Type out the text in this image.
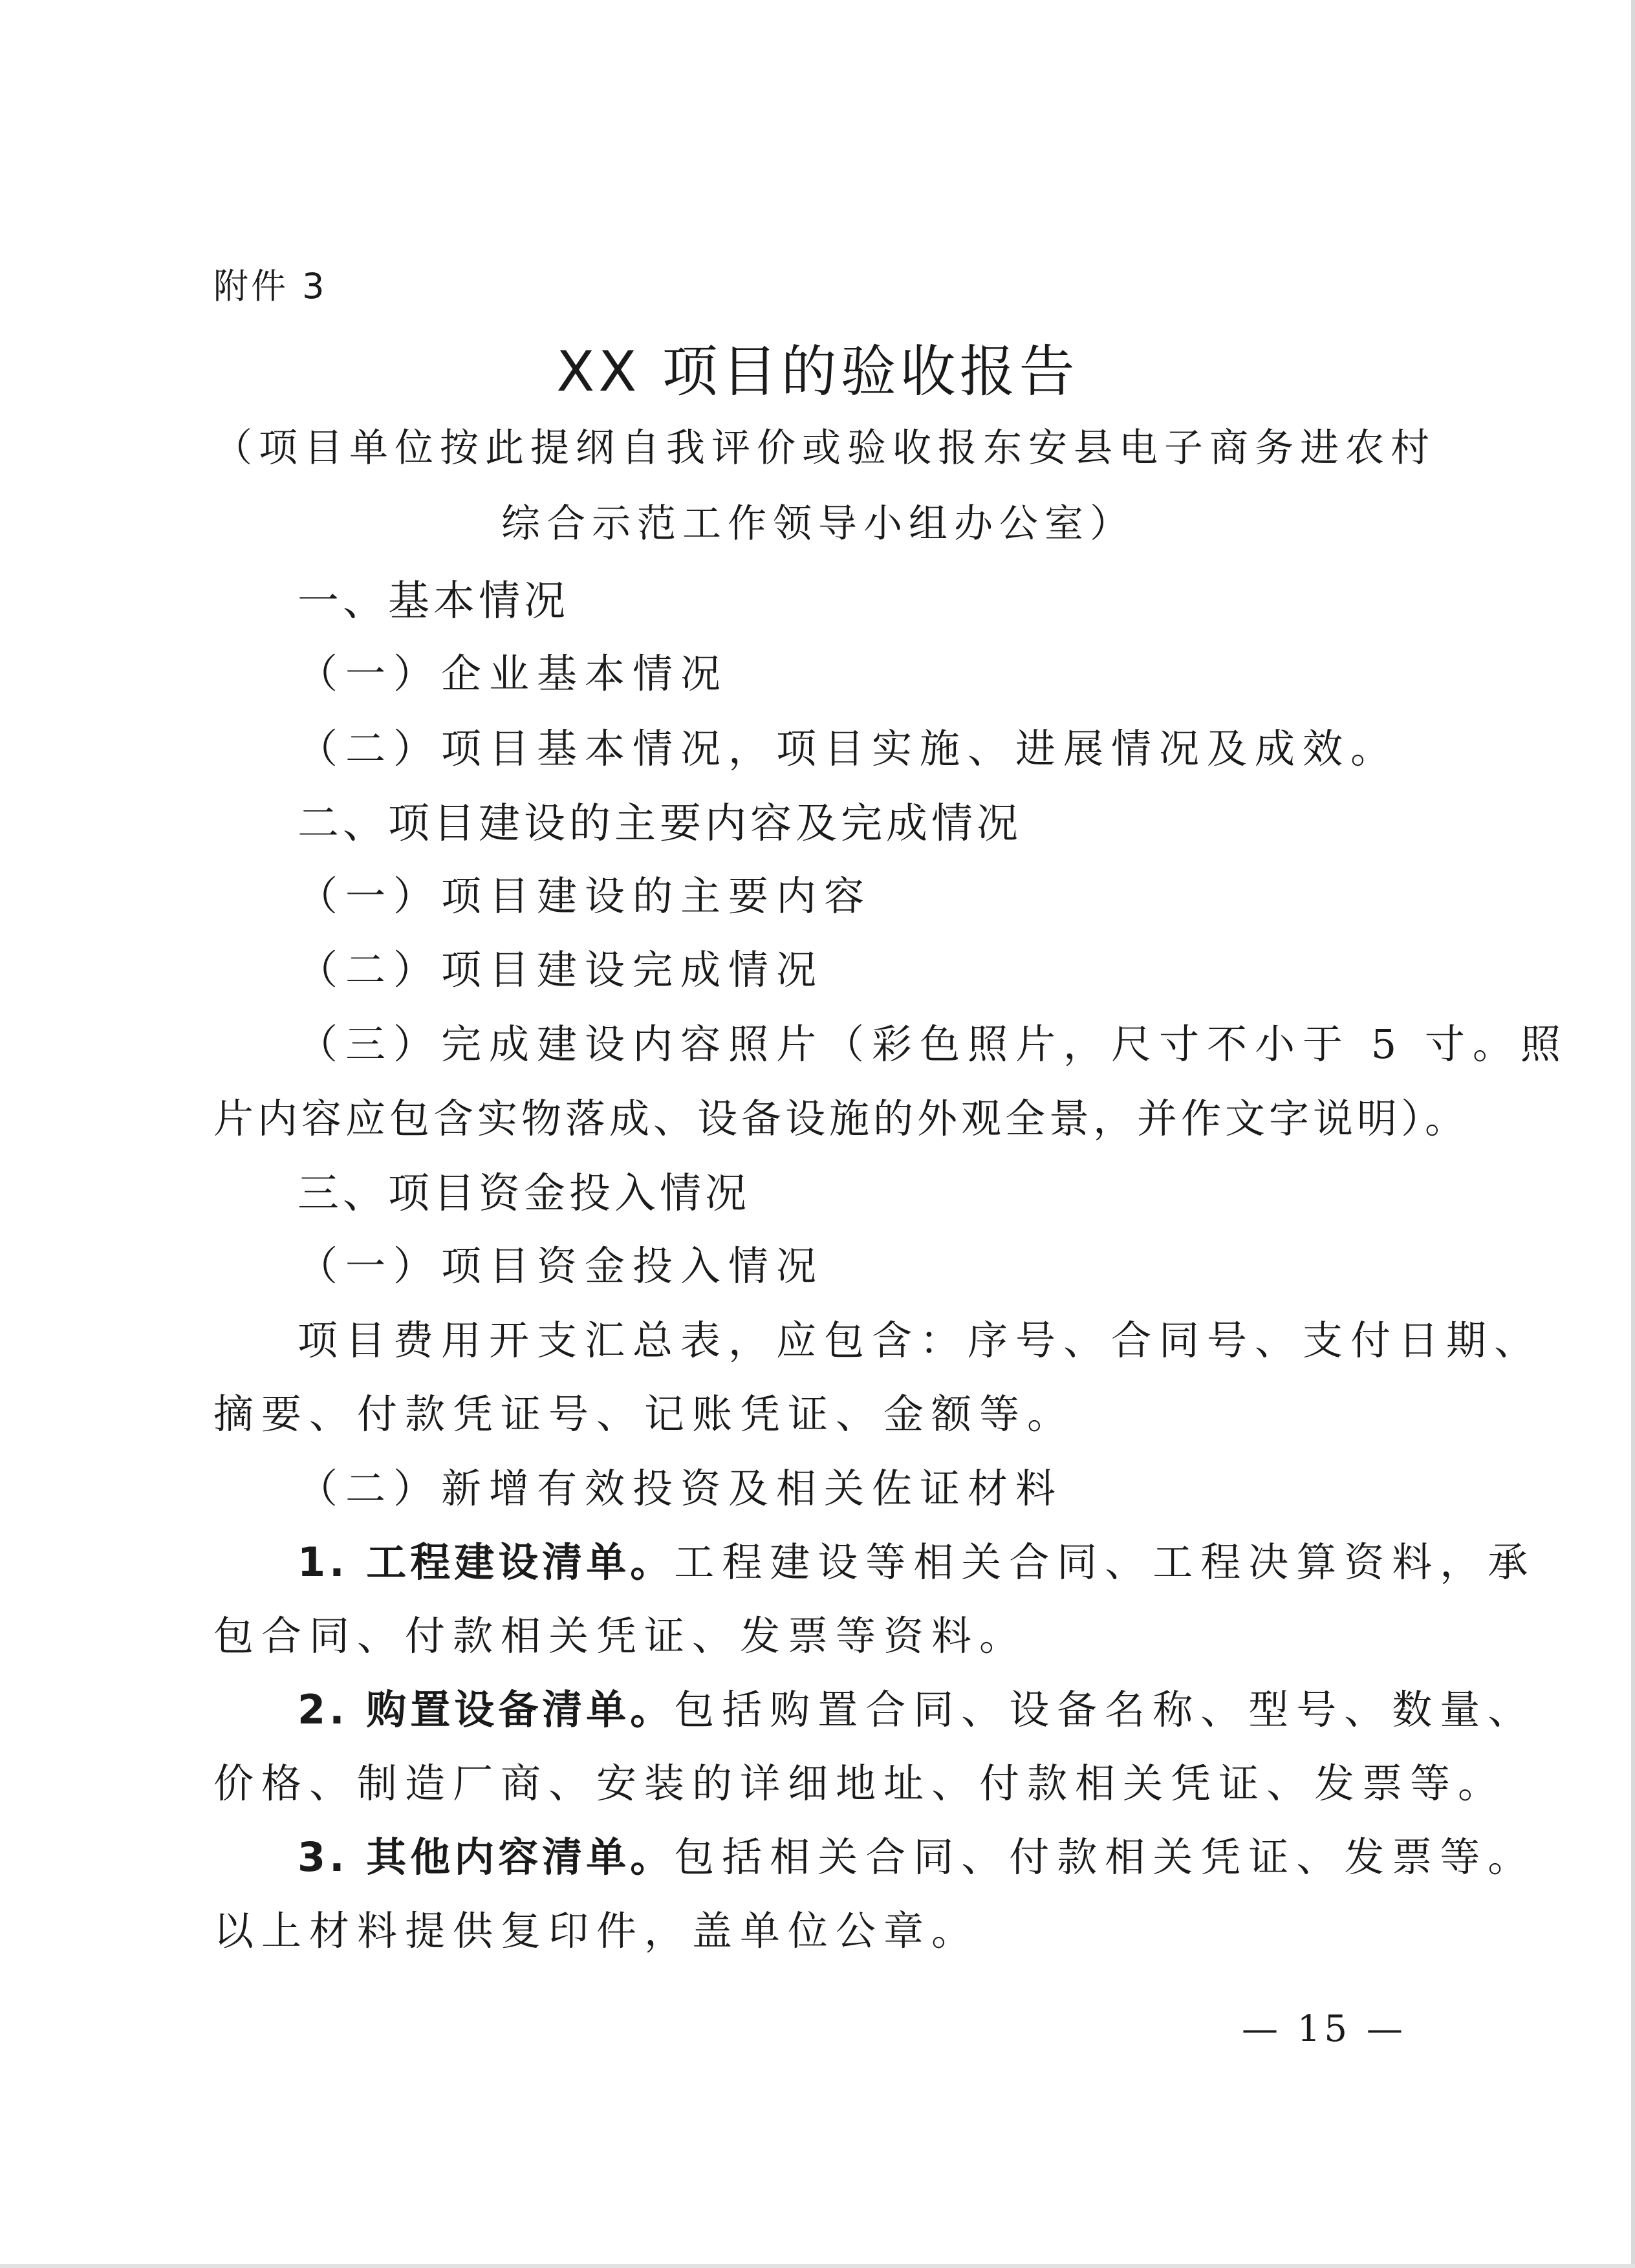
附件 3
XX 项目的验收报告
（项目单位按此提纲自我评价或验收报东安县电子商务进农村
综合示范工作领导小组办公室）
一、基本情况
（一）企业基本情况
（二）项目基本情况，项目实施、进展情况及成效。
二、项目建设的主要内容及完成情况
（一）项目建设的主要内容
（二）项目建设完成情况
（三）完成建设内容照片（彩色照片，尺寸不小于 5 寸。照
片内容应包含实物落成、设备设施的外观全景，并作文字说明）。
三、项目资金投入情况
（一）项目资金投入情况
项目费用开支汇总表，应包含：序号、合同号、支付日期、
摘要、付款凭证号、记账凭证、金额等。
（二）新增有效投资及相关佐证材料
1. 工程建设清单。工程建设等相关合同、工程决算资料，承
包合同、付款相关凭证、发票等资料。
2. 购置设备清单。包括购置合同、设备名称、型号、数量、
价格、制造厂商、安装的详细地址、付款相关凭证、发票等。
3. 其他内容清单。包括相关合同、付款相关凭证、发票等。
以上材料提供复印件，盖单位公章。
— 15 —
